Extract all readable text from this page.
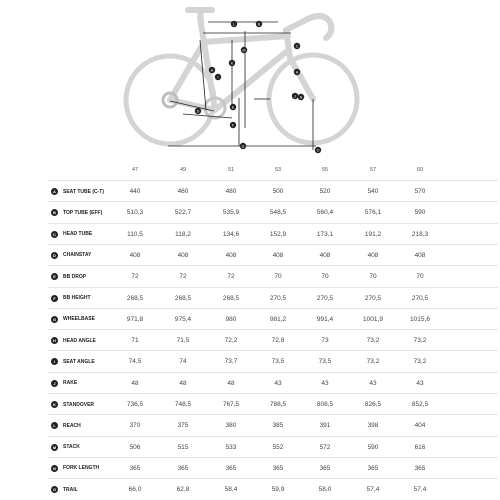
A
B
C
D
E
F
G
H
I
J
K
L
M
N
O
47	49	51	53	55	57	60
A	SEAT TUBE (C-T)	440	460	480	500	520	540	570
B	TOP TUBE (EFF)	510,3	522,7	535,9	548,5	560,4	576,1	590
C	HEAD TUBE	110,5	118,2	134,6	152,9	173,1	191,2	218,3
D	CHAINSTAY	408	408	408	408	408	408	408
E	BB DROP	72	72	72	70	70	70	70
F	BB HEIGHT	268,5	268,5	268,5	270,5	270,5	270,5	270,5
G	WHEELBASE	971,8	975,4	980	981,2	991,4	1001,9	1015,6
H	HEAD ANGLE	71	71,5	72,2	72,8	73	73,2	73,2
I	SEAT ANGLE	74,5	74	73,7	73,5	73,5	73,2	73,2
J	RAKE	48	48	48	43	43	43	43
K	STANDOVER	736,5	748,5	767,5	788,5	808,5	826,5	852,5
L	REACH	370	375	380	385	391	398	404
M	STACK	506	515	533	552	572	590	616
N	FORK LENGTH	365	365	365	365	365	365	365
O	TRAIL	66,0	62,8	58,4	59,9	58,0	57,4	57,4
